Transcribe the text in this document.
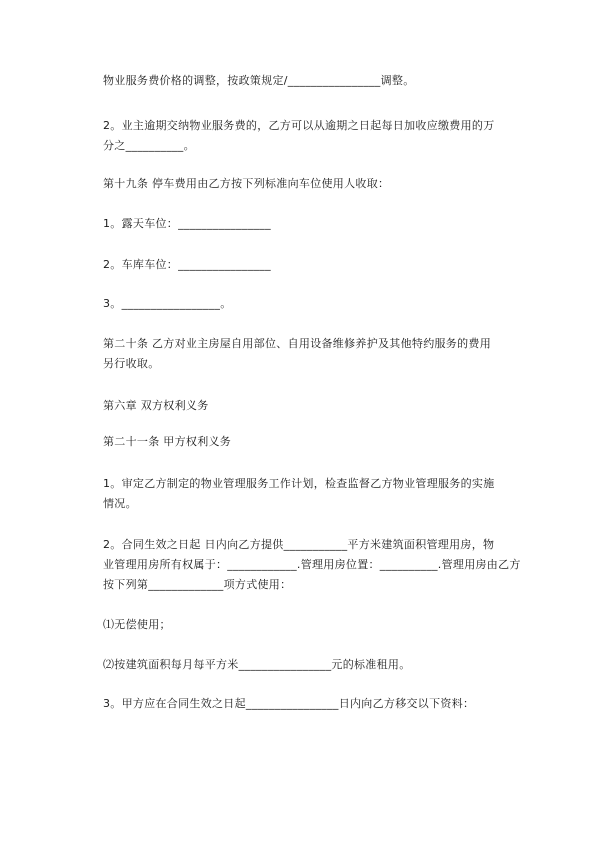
物业服务费价格的调整，按政策规定/________________调整。
2。业主逾期交纳物业服务费的，乙方可以从逾期之日起每日加收应缴费用的万
分之__________。
第十九条 停车费用由乙方按下列标准向车位使用人收取：
1。露天车位：________________
2。车库车位：________________
3。_________________。
第二十条 乙方对业主房屋自用部位、自用设备维修养护及其他特约服务的费用
另行收取。
第六章 双方权利义务
第二十一条 甲方权利义务
1。审定乙方制定的物业管理服务工作计划，检查监督乙方物业管理服务的实施
情况。
2。合同生效之日起 日内向乙方提供___________平方米建筑面积管理用房，物
业管理用房所有权属于：____________.管理用房位置：__________.管理用房由乙方
按下列第_____________项方式使用：
⑴无偿使用；
⑵按建筑面积每月每平方米________________元的标准租用。
3。甲方应在合同生效之日起________________日内向乙方移交以下资料：
